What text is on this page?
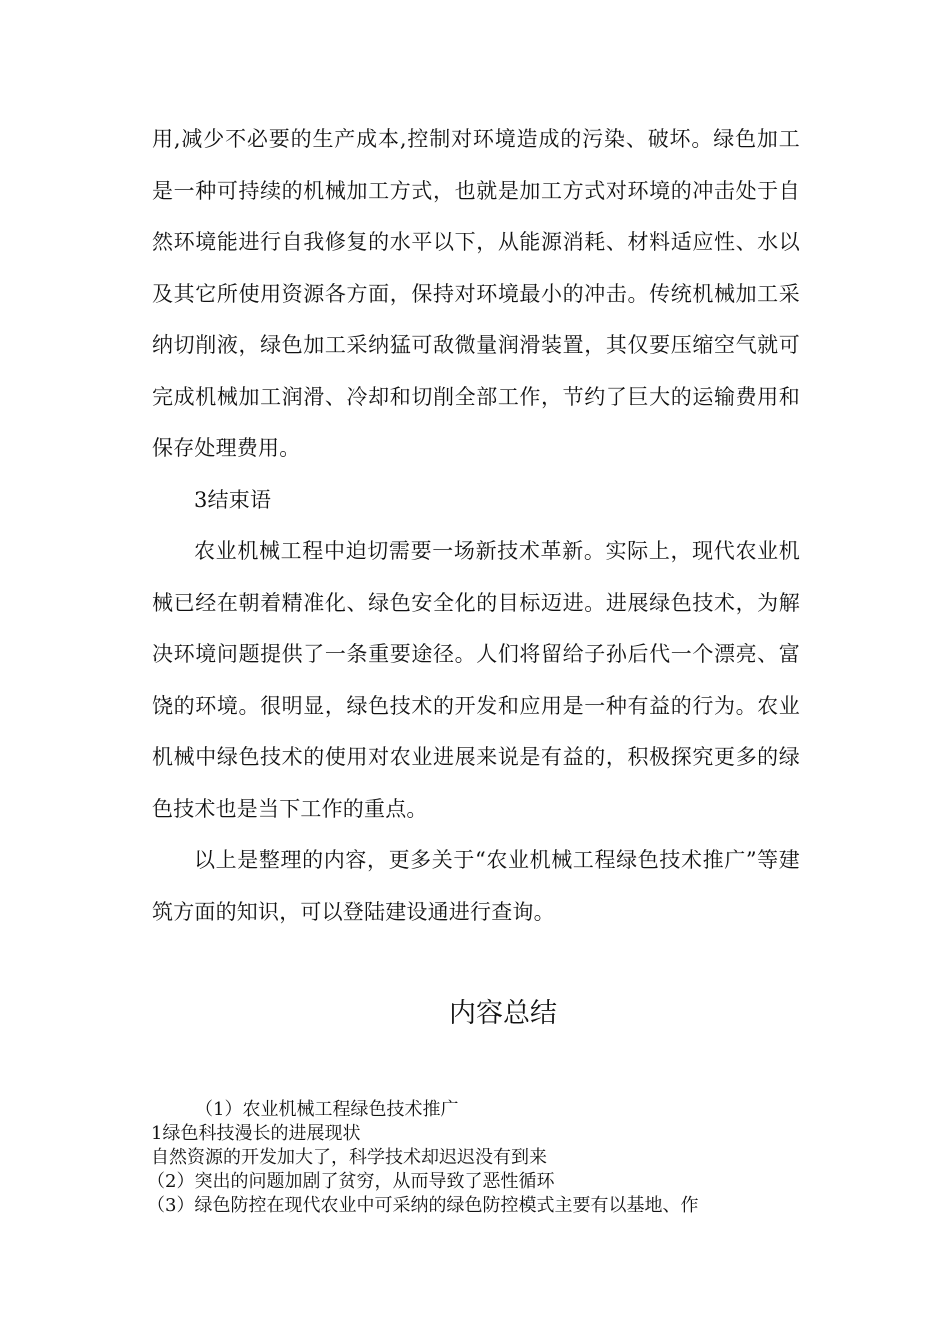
用,减少不必要的生产成本,控制对环境造成的污染、破坏。绿色加工是一种可持续的机械加工方式，也就是加工方式对环境的冲击处于自然环境能进行自我修复的水平以下，从能源消耗、材料适应性、水以及其它所使用资源各方面，保持对环境最小的冲击。传统机械加工采纳切削液，绿色加工采纳猛可敌微量润滑装置，其仅要压缩空气就可完成机械加工润滑、冷却和切削全部工作，节约了巨大的运输费用和保存处理费用。

3结束语

农业机械工程中迫切需要一场新技术革新。实际上，现代农业机械已经在朝着精准化、绿色安全化的目标迈进。进展绿色技术，为解决环境问题提供了一条重要途径。人们将留给子孙后代一个漂亮、富饶的环境。很明显，绿色技术的开发和应用是一种有益的行为。农业机械中绿色技术的使用对农业进展来说是有益的，积极探究更多的绿色技术也是当下工作的重点。

以上是整理的内容，更多关于“农业机械工程绿色技术推广”等建筑方面的知识，可以登陆建设通进行查询。

内容总结
（1）农业机械工程绿色技术推广
1绿色科技漫长的进展现状
自然资源的开发加大了，科学技术却迟迟没有到来
（2）突出的问题加剧了贫穷，从而导致了恶性循环
（3）绿色防控在现代农业中可采纳的绿色防控模式主要有以基地、作
